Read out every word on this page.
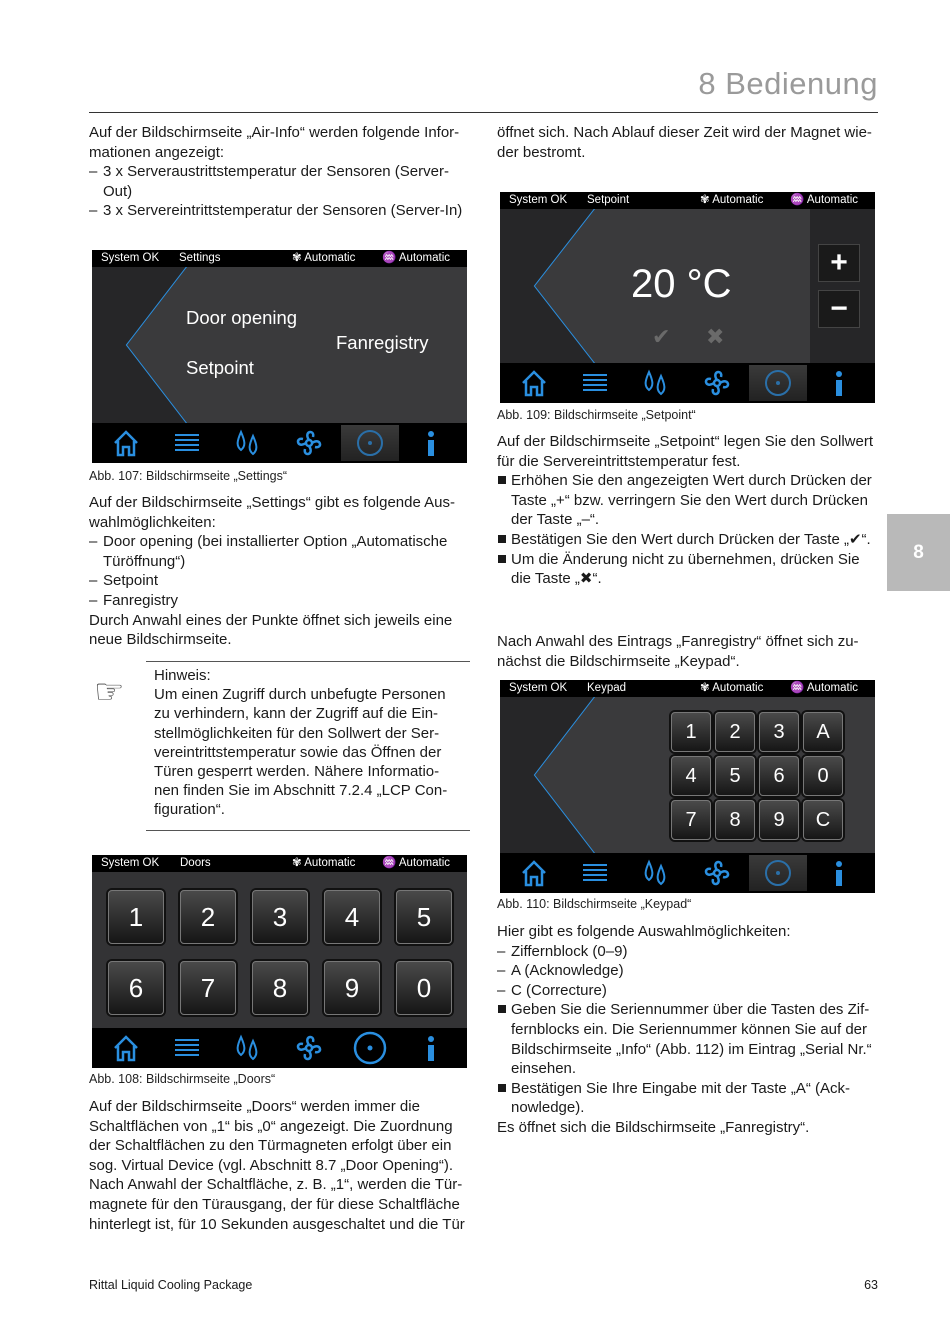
8 Bedienung
8

Auf der Bildschirmseite „Air-Info“ werden folgende Infor-mationen angezeigt:

– 3 x Serveraustrittstemperatur der Sensoren (Server-Out)
– 3 x Servereintrittstemperatur der Sensoren (Server-In)
System OK Settings	✾ Automatic ♒ Automatic
Door opening
Fanregistry
Setpoint
Abb. 107: Bildschirmseite „Settings“

Auf der Bildschirmseite „Settings“ gibt es folgende Aus-wahlmöglichkeiten:

– Door opening (bei installierter Option „Automatische Türöffnung“)
– Setpoint
– Fanregistry

Durch Anwahl eines der Punkte öffnet sich jeweils eine neue Bildschirmseite.

☞ Hinweis:
Um einen Zugriff durch unbefugte Personen zu verhindern, kann der Zugriff auf die Ein-stellmöglichkeiten für den Sollwert der Ser-vereintrittstemperatur sowie das Öffnen der Türen gesperrt werden. Nähere Informatio-nen finden Sie im Abschnitt 7.2.4 „LCP Con-figuration“.
System OK Doors	✾ Automatic ♒ Automatic
1	2	3	4	5
6	7	8	9	0
Abb. 108: Bildschirmseite „Doors“

Auf der Bildschirmseite „Doors“ werden immer die Schaltflächen von „1“ bis „0“ angezeigt. Die Zuordnung der Schaltflächen zu den Türmagneten erfolgt über ein sog. Virtual Device (vgl. Abschnitt 8.7 „Door Opening“). Nach Anwahl der Schaltfläche, z. B. „1“, werden die Tür-magnete für den Türausgang, der für diese Schaltfläche hinterlegt ist, für 10 Sekunden ausgeschaltet und die Tür

öffnet sich. Nach Ablauf dieser Zeit wird der Magnet wie-der bestromt.

System OK Setpoint	✾ Automatic ♒ Automatic
20 °C
✔ ✖
+
−
Abb. 109: Bildschirmseite „Setpoint“

Auf der Bildschirmseite „Setpoint“ legen Sie den Sollwert für die Servereintrittstemperatur fest.

Erhöhen Sie den angezeigten Wert durch Drücken der Taste „+“ bzw. verringern Sie den Wert durch Drücken der Taste „–“.
Bestätigen Sie den Wert durch Drücken der Taste „✔“.
Um die Änderung nicht zu übernehmen, drücken Sie die Taste „✖“.

Nach Anwahl des Eintrags „Fanregistry“ öffnet sich zu-nächst die Bildschirmseite „Keypad“.

System OK Keypad	✾ Automatic ♒ Automatic
1	2	3	A
4	5	6	0
7	8	9	C
Abb. 110: Bildschirmseite „Keypad“

Hier gibt es folgende Auswahlmöglichkeiten:

– Ziffernblock (0–9)
– A (Acknowledge)
– C (Correcture)
Geben Sie die Seriennummer über die Tasten des Zif-fernblocks ein. Die Seriennummer können Sie auf der Bildschirmseite „Info“ (Abb. 112) im Eintrag „Serial Nr.“ einsehen.
Bestätigen Sie Ihre Eingabe mit der Taste „A“ (Ack-nowledge).

Es öffnet sich die Bildschirmseite „Fanregistry“.

Rittal Liquid Cooling Package	63
